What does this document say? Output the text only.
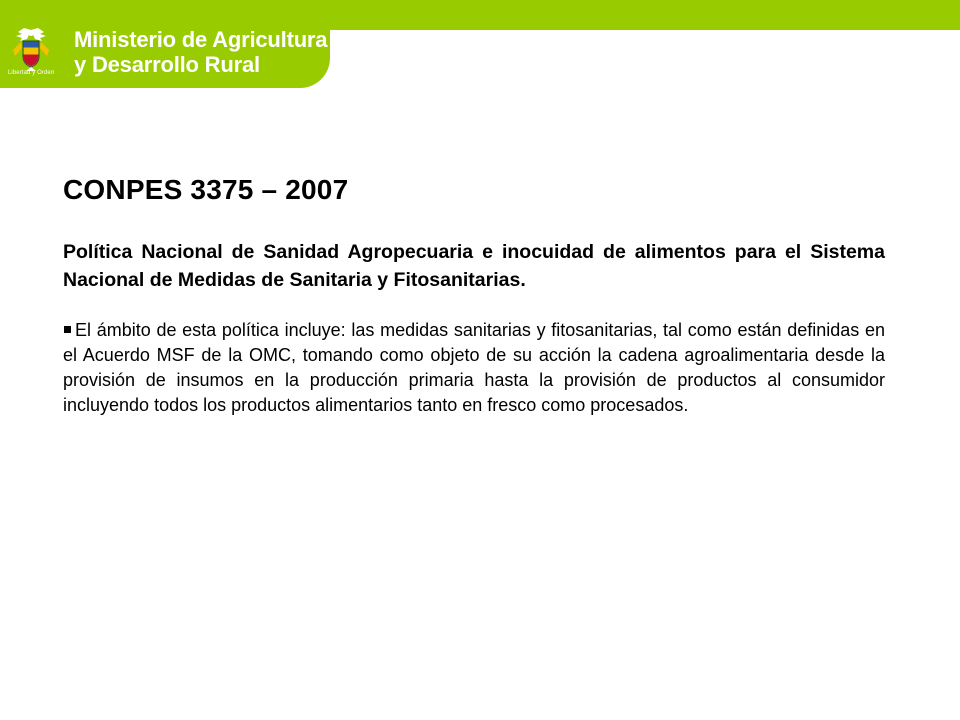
Libertad y Orden
Ministerio de Agricultura
y Desarrollo Rural
CONPES 3375 – 2007
Política Nacional de Sanidad Agropecuaria e inocuidad de alimentos para el Sistema Nacional de Medidas de Sanitaria y Fitosanitarias.

El ámbito de esta política incluye: las medidas sanitarias y fitosanitarias, tal como están definidas en el Acuerdo MSF de la OMC, tomando como objeto de su acción la cadena agroalimentaria desde la provisión de insumos en la producción primaria hasta la provisión de productos al consumidor incluyendo todos los productos alimentarios tanto en fresco como procesados.
